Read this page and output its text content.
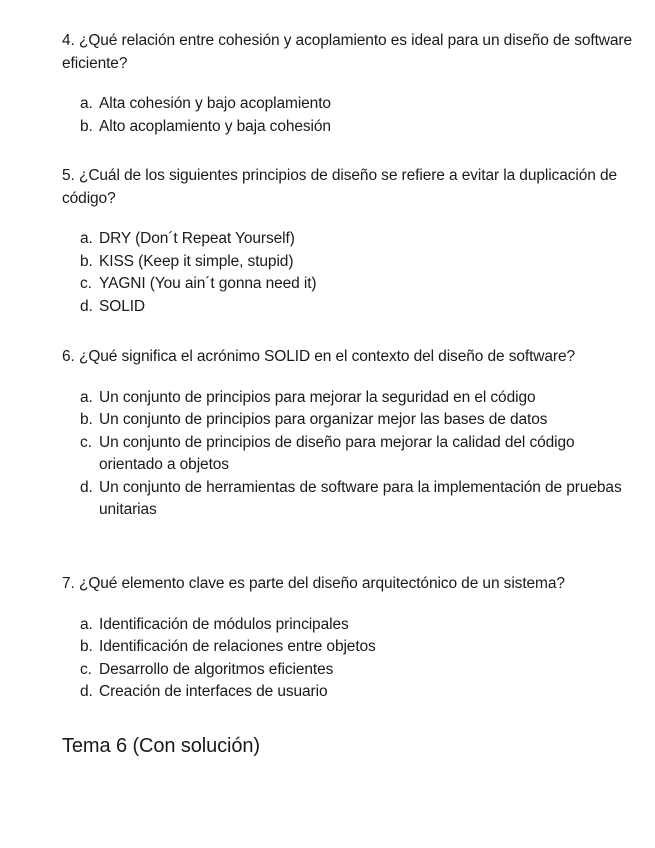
4. ¿Qué relación entre cohesión y acoplamiento es ideal para un diseño de software eficiente?

a. Alta cohesión y bajo acoplamiento
b. Alto acoplamiento y baja cohesión

5. ¿Cuál de los siguientes principios de diseño se refiere a evitar la duplicación de código?

a. DRY (Don´t Repeat Yourself)
b. KISS (Keep it simple, stupid)
c. YAGNI (You ain´t gonna need it)
d. SOLID

6. ¿Qué significa el acrónimo SOLID en el contexto del diseño de software?

a. Un conjunto de principios para mejorar la seguridad en el código
b. Un conjunto de principios para organizar mejor las bases de datos
c. Un conjunto de principios de diseño para mejorar la calidad del código orientado a objetos
d. Un conjunto de herramientas de software para la implementación de pruebas unitarias

7. ¿Qué elemento clave es parte del diseño arquitectónico de un sistema?

a. Identificación de módulos principales
b. Identificación de relaciones entre objetos
c. Desarrollo de algoritmos eficientes
d. Creación de interfaces de usuario
Tema 6 (Con solución)
